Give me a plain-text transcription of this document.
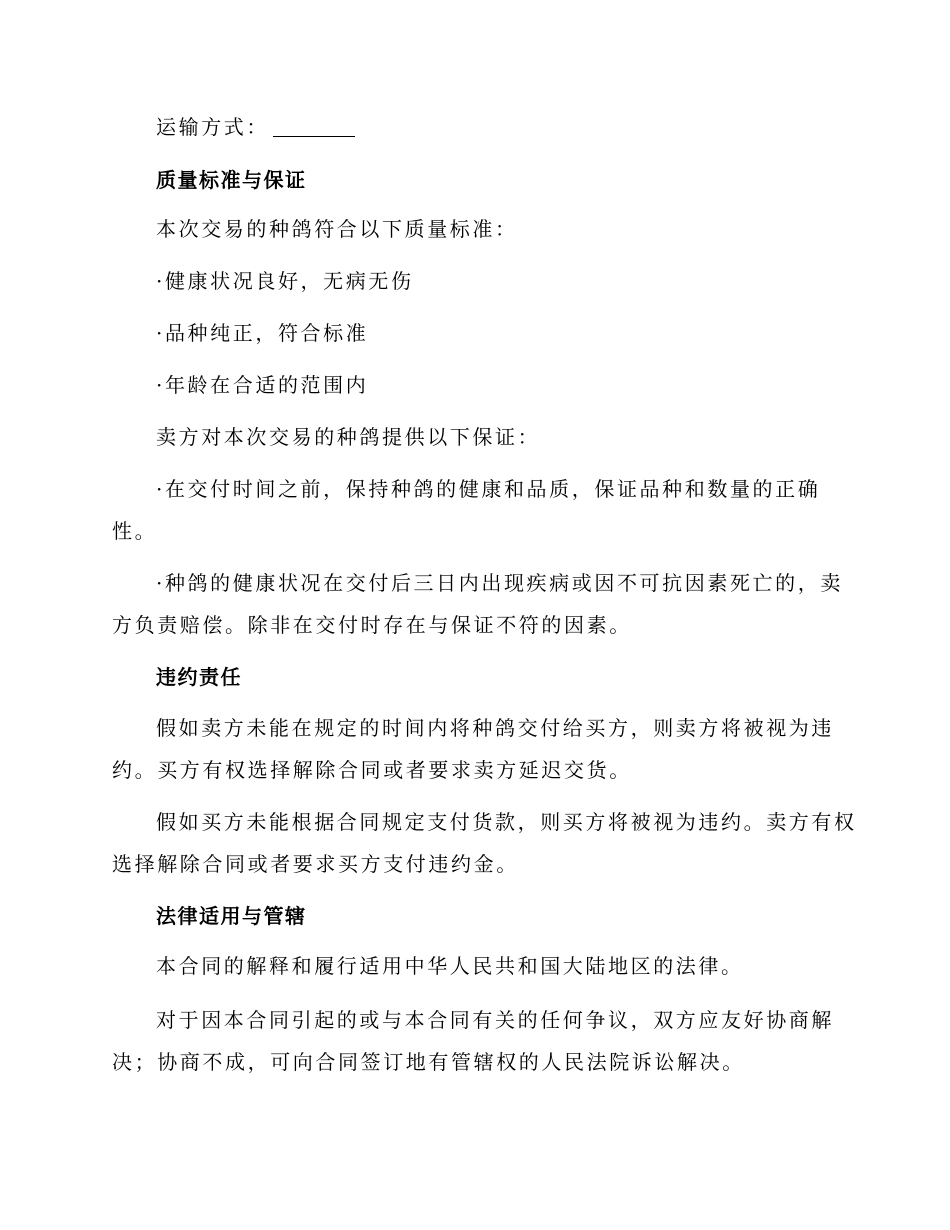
运输方式：

质量标准与保证

本次交易的种鸽符合以下质量标准：

·健康状况良好，无病无伤

·品种纯正，符合标准

·年龄在合适的范围内

卖方对本次交易的种鸽提供以下保证：

·在交付时间之前，保持种鸽的健康和品质，保证品种和数量的正确

性。

·种鸽的健康状况在交付后三日内出现疾病或因不可抗因素死亡的，卖

方负责赔偿。除非在交付时存在与保证不符的因素。

违约责任

假如卖方未能在规定的时间内将种鸽交付给买方，则卖方将被视为违

约。买方有权选择解除合同或者要求卖方延迟交货。

假如买方未能根据合同规定支付货款，则买方将被视为违约。卖方有权

选择解除合同或者要求买方支付违约金。

法律适用与管辖

本合同的解释和履行适用中华人民共和国大陆地区的法律。

对于因本合同引起的或与本合同有关的任何争议，双方应友好协商解

决；协商不成，可向合同签订地有管辖权的人民法院诉讼解决。
